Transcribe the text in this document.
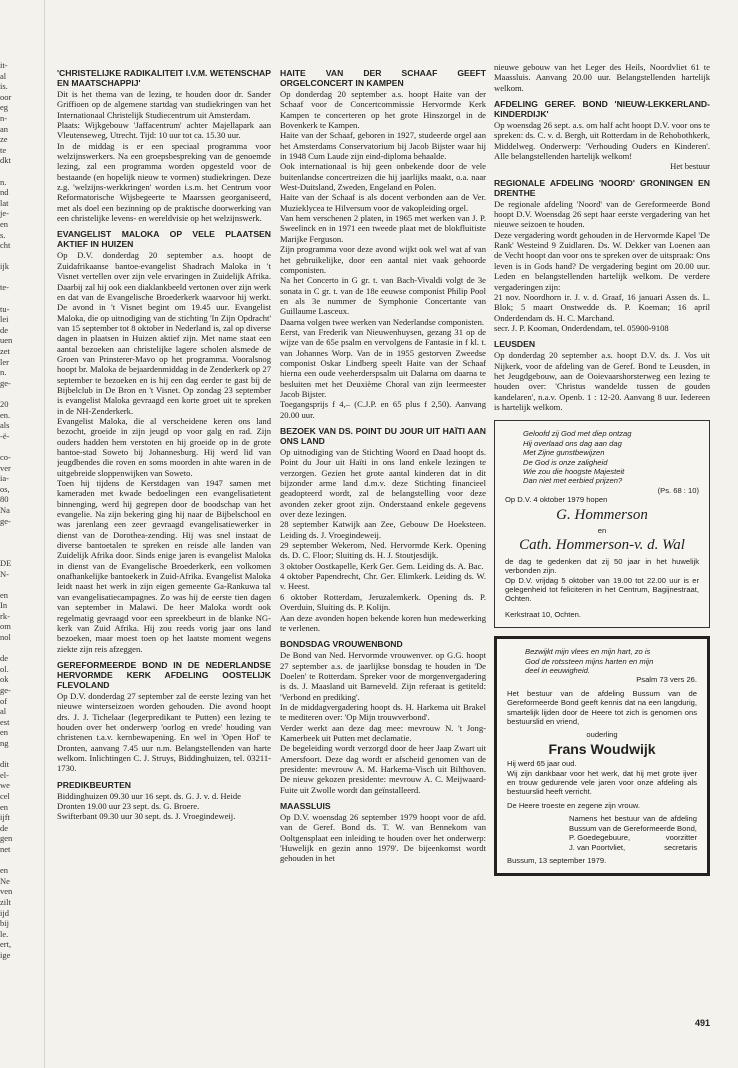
it-
al
is.
oor
eg
n-
an
ze
te
dkt

n.
nd
lat
je-
en
s.
cht

ijk

te-

tu-
lei
de
uen
zet
ler
n.
ge-

20
en.
als
-ë-

co-
ver
ia-
os,
80
Na
ge-

DE
N-

en
In
rk-
om
nol

de
ol.
ok
ge-
of
al
est
en
ng

dit
el-
we
cel
en
ijft
de
gen
net

en
Ne
ven
zilt
ijd
bij
le.
ert,
ige
'CHRISTELIJKE RADIKALITEIT I.V.M. WETENSCHAP EN MAATSCHAPPIJ'

Dit is het thema van de lezing, te houden door dr. Sander Griffioen op de algemene startdag van studiekringen van het Internationaal Christelijk Studiecentrum uit Amsterdam.

Plaats: Wijkgebouw 'Jaffacentrum' achter Majellapark aan Vleutenseweg, Utrecht. Tijd: 10 uur tot ca. 15.30 uur.

In de middag is er een speciaal programma voor welzijnswerkers. Na een groepsbespreking van de genoemde lezing, zal een programma worden opgesteld voor de bestaande (en hopelijk nieuw te vormen) studiekringen. Deze z.g. 'welzijns-werkkringen' worden i.s.m. het Centrum voor Reformatorische Wijsbegeerte te Maarssen georganiseerd, met als doel een bezinning op de praktische doorwerking van een christelijke levens- en wereldvisie op het welzijnswerk.

EVANGELIST MALOKA OP VELE PLAATSEN AKTIEF IN HUIZEN

Op D.V. donderdag 20 september a.s. hoopt de Zuidafrikaanse bantoe-evangelist Shadrach Maloka in 't Visnet vertellen over zijn vele ervaringen in Zuidelijk Afrika. Daarbij zal hij ook een diaklankbeeld vertonen over zijn werk en dat van de Evangelische Broederkerk waarvoor hij werkt. De avond in 't Visnet begint om 19.45 uur. Evangelist Maloka, die op uitnodiging van de stichting 'In Zijn Opdracht' van 15 september tot 8 oktober in Nederland is, zal op diverse dagen in plaatsen in Huizen aktief zijn. Met name staat een aantal bezoeken aan christelijke lagere scholen alsmede de Groen van Prinsterer-Mavo op het programma. Vooralsnog hoopt br. Maloka de bejaardenmiddag in de Zenderkerk op 27 september te bezoeken en is hij een dag eerder te gast bij de Bijbelclub in De Bron en 't Visnet. Op zondag 23 september is evangelist Maloka gevraagd een korte groet uit te spreken in de NH-Zenderkerk.

Evangelist Maloka, die al verscheidene keren ons land bezocht, groeide in zijn jeugd op voor galg en rad. Zijn ouders hadden hem verstoten en hij groeide op in de grote bantoe-stad Soweto bij Johannesburg. Hij werd lid van jeugdbendes die roven en soms moorden in ahte waren in de uitgebreide sloppenwijken van Soweto.

Toen hij tijdens de Kerstdagen van 1947 samen met kameraden met kwade bedoelingen een evangelisatietent binnenging, werd hij gegrepen door de boodschap van het evangelie. Na zijn bekering ging hij naar de Bijbelschool en was jarenlang een zeer gevraagd evangelisatiewerker in dienst van de Dorothea-zending. Hij was snel instaat de diverse bantoetalen te spreken en reisde alle landen van Zuidelijk Afrika door. Sinds enige jaren is evangelist Maloka in dienst van de Evangelische Broederkerk, een volkomen onafhankelijke bantoekerk in Zuid-Afrika. Evangelist Maloka leidt naast het werk in zijn eigen gemeente Ga-Rankuwa tal van evangelisatiecampagnes. Zo was hij de eerste tien dagen van september in Malawi. De heer Maloka wordt ook regelmatig gevraagd voor een spreekbeurt in de blanke NG-kerk van Zuid Afrika. Hij zou reeds vorig jaar ons land bezoeken, maar moest toen op het laatste moment wegens ziekte zijn reis afzeggen.

GEREFORMEERDE BOND IN DE NEDERLANDSE HERVORMDE KERK AFDELING OOSTELIJK FLEVOLAND

Op D.V. donderdag 27 september zal de eerste lezing van het nieuwe winterseizoen worden gehouden. Die avond hoopt drs. J. J. Tichelaar (legerpredikant te Putten) een lezing te houden over het onderwerp 'oorlog en vrede' houding van christenen t.a.v. kernbewapening. En wel in 'Open Hof' te Dronten, aanvang 7.45 uur n.m. Belangstellenden van harte welkom. Inlichtingen C. J. Struys, Biddinghuizen, tel. 03211-1730.

PREDIKBEURTEN

Biddinghuizen 09.30 uur 16 sept. ds. G. J. v. d. Heide

Dronten 19.00 uur 23 sept. ds. G. Broere.

Swifterbant 09.30 uur 30 sept. ds. J. Vroegindeweij.

HAITE VAN DER SCHAAF GEEFT ORGELCONCERT IN KAMPEN

Op donderdag 20 september a.s. hoopt Haite van der Schaaf voor de Concertcommissie Hervormde Kerk Kampen te concerteren op het grote Hinszorgel in de Bovenkerk te Kampen.

Haite van der Schaaf, geboren in 1927, studeerde orgel aan het Amsterdams Conservatorium bij Jacob Bijster waar hij in 1948 Cum Laude zijn eind-diploma behaalde.

Ook internationaal is hij geen onbekende door de vele buitenlandse concertreizen die hij jaarlijks maakt, o.a. naar West-Duitsland, Zweden, Engeland en Polen.

Haite van der Schaaf is als docent verbonden aan de Ver. Muzieklycea te Hilversum voor de vakopleiding orgel.

Van hem verschenen 2 platen, in 1965 met werken van J. P. Sweelinck en in 1971 een tweede plaat met de blokfluitiste Marijke Ferguson.

Zijn programma voor deze avond wijkt ook wel wat af van het gebruikelijke, door een aantal niet vaak gehoorde componisten.

Na het Concerto in G gr. t. van Bach-Vivaldi volgt de 3e sonata in C gr. t. van de 18e eeuwse componist Philip Pool en als 3e nummer de Symphonie Concertante van Guillaume Lasceux.

Daarna volgen twee werken van Nederlandse componisten.

Eerst, van Frederik van Nieuwenhuysen, gezang 31 op de wijze van de 65e psalm en vervolgens de Fantasie in f kl. t. van Johannes Worp. Van de in 1955 gestorven Zweedse componist Oskar Lindberg speelt Haite van der Schaaf hierna een oude veeherderspsalm uit Dalarna om daarna te besluiten met het Deuxième Choral van zijn leermeester Jacob Bijster.

Toegangsprijs f 4,– (C.J.P. en 65 plus f 2,50). Aanvang 20.00 uur.

BEZOEK VAN DS. POINT DU JOUR UIT HAÏTI AAN ONS LAND

Op uitnodiging van de Stichting Woord en Daad hoopt ds. Point du Jour uit Haïti in ons land enkele lezingen te verzorgen. Gezien het grote aantal kinderen dat in dit bijzonder arme land d.m.v. deze Stichting financieel geadopteerd wordt, zal de belangstelling voor deze avonden zeker groot zijn. Onderstaand enkele gegevens over deze lezingen.

28 september Katwijk aan Zee, Gebouw De Hoeksteen. Leiding ds. J. Vroegindeweij.

29 september Wekerom, Ned. Hervormde Kerk. Opening ds. D. C. Floor; Sluiting ds. H. J. Stoutjesdijk.

3 oktober Oostkapelle, Kerk Ger. Gem. Leiding ds. A. Bac.

4 oktober Papendrecht, Chr. Ger. Elimkerk. Leiding ds. W. v. Heest.

6 oktober Rotterdam, Jeruzalemkerk. Opening ds. P. Overduin, Sluiting ds. P. Kolijn.

Aan deze avonden hopen bekende koren hun medewerking te verlenen.

BONDSDAG VROUWENBOND

De Bond van Ned. Hervormde vrouwenver. op G.G. hoopt 27 september a.s. de jaarlijkse bonsdag te houden in 'De Doelen' te Rotterdam. Spreker voor de morgenvergadering is ds. J. Maasland uit Barneveld. Zijn referaat is getiteld: 'Verbond en prediking'.

In de middagvergadering hoopt ds. H. Harkema uit Brakel te mediteren over: 'Op Mijn trouwverbond'.

Verder werkt aan deze dag mee: mevrouw N. 't Jong-Kamerbeek uit Putten met declamatie.

De begeleiding wordt verzorgd door de heer Jaap Zwart uit Amersfoort. Deze dag wordt er afscheid genomen van de presidente: mevrouw A. M. Harkema-Visch uit Bilthoven. De nieuw gekozen presidente: mevrouw A. C. Meijwaard-Fuite uit Zwolle wordt dan geïnstalleerd.

MAASSLUIS

Op D.V. woensdag 26 september 1979 hoopt voor de afd. van de Geref. Bond ds. T. W. van Bennekom van Ooltgensplaat een inleiding te houden over het onderwerp: 'Huwelijk en gezin anno 1979'. De bijeenkomst wordt gehouden in het

nieuwe gebouw van het Leger des Heils, Noordvliet 61 te Maassluis. Aanvang 20.00 uur. Belangstellenden hartelijk welkom.

AFDELING GEREF. BOND 'NIEUW-LEKKERLAND-KINDERDIJK'

Op woensdag 26 sept. a.s. om half acht hoopt D.V. voor ons te spreken: ds. C. v. d. Bergh, uit Rotterdam in de Rehobothkerk, Middelweg. Onderwerp: 'Verhouding Ouders en Kinderen'. Alle belangstellenden hartelijk welkom!

Het bestuur

REGIONALE AFDELING 'NOORD' GRONINGEN EN DRENTHE

De regionale afdeling 'Noord' van de Gereformeerde Bond hoopt D.V. Woensdag 26 sept haar eerste vergadering van het nieuwe seizoen te houden.

Deze vergadering wordt gehouden in de Hervormde Kapel 'De Rank' Westeind 9 Zuidlaren. Ds. W. Dekker van Loenen aan de Vecht hoopt dan voor ons te spreken over de uitspraak: Ons leven is in Gods hand? De vergadering begint om 20.00 uur. Leden en belangstellenden hartelijk welkom. De verdere vergaderingen zijn:

21 nov. Noordhorn ir. J. v. d. Graaf, 16 januari Assen ds. L. Blok; 5 maart Onstwedde ds. P. Koeman; 16 april Onderdendam ds. H. C. Marchand.

secr. J. P. Kooman, Onderdendam, tel. 05900-9108

LEUSDEN

Op donderdag 20 september a.s. hoopt D.V. ds. J. Vos uit Nijkerk, voor de afdeling van de Geref. Bond te Leusden, in het Jeugdgebouw, aan de Ooievaarshorsterweg een lezing te houden over: 'Christus wandelde tussen de gouden kandelaren', n.a.v. Openb. 1 : 12-20. Aanvang 8 uur. Iedereen is hartelijk welkom.

Geloofd zij God met diep ontzag
Hij overlaad ons dag aan dag
Met Zijne gunstbewijzen
De God is onze zaligheid
Wie zou die hoogste Majesteit
Dan niet met eerbied prijzen?
(Ps. 68 : 10)
Op D.V. 4 oktober 1979 hopen
G. Hommerson
en
Cath. Hommerson-v. d. Wal
de dag te gedenken dat zij 50 jaar in het huwelijk verbonden zijn.
Op D.V. vrijdag 5 oktober van 19.00 tot 22.00 uur is er gelegenheid tot feliciteren in het Centrum, Bagijnestraat, Ochten.
Kerkstraat 10, Ochten.
Bezwijkt mijn vlees en mijn hart, zo is
God de rotssteen mijns harten en mijn
deel in eeuwigheid.
Psalm 73 vers 26.
Het bestuur van de afdeling Bussum van de Gereformeerde Bond geeft kennis dat na een langdurig, smartelijk lijden door de Heere tot zich is genomen ons bestuurslid en vriend,
ouderling
Frans Woudwijk
Hij werd 65 jaar oud.
Wij zijn dankbaar voor het werk, dat hij met grote ijver en trouw gedurende vele jaren voor onze afdeling als bestuurslid heeft verricht.
De Heere troeste en zegene zijn vrouw.
Namens het bestuur van de afdeling Bussum van de Gereformeerde Bond,
P. Goedegebuure,	voorzitter
J. van Poortvliet,	secretaris
Bussum, 13 september 1979.
491
